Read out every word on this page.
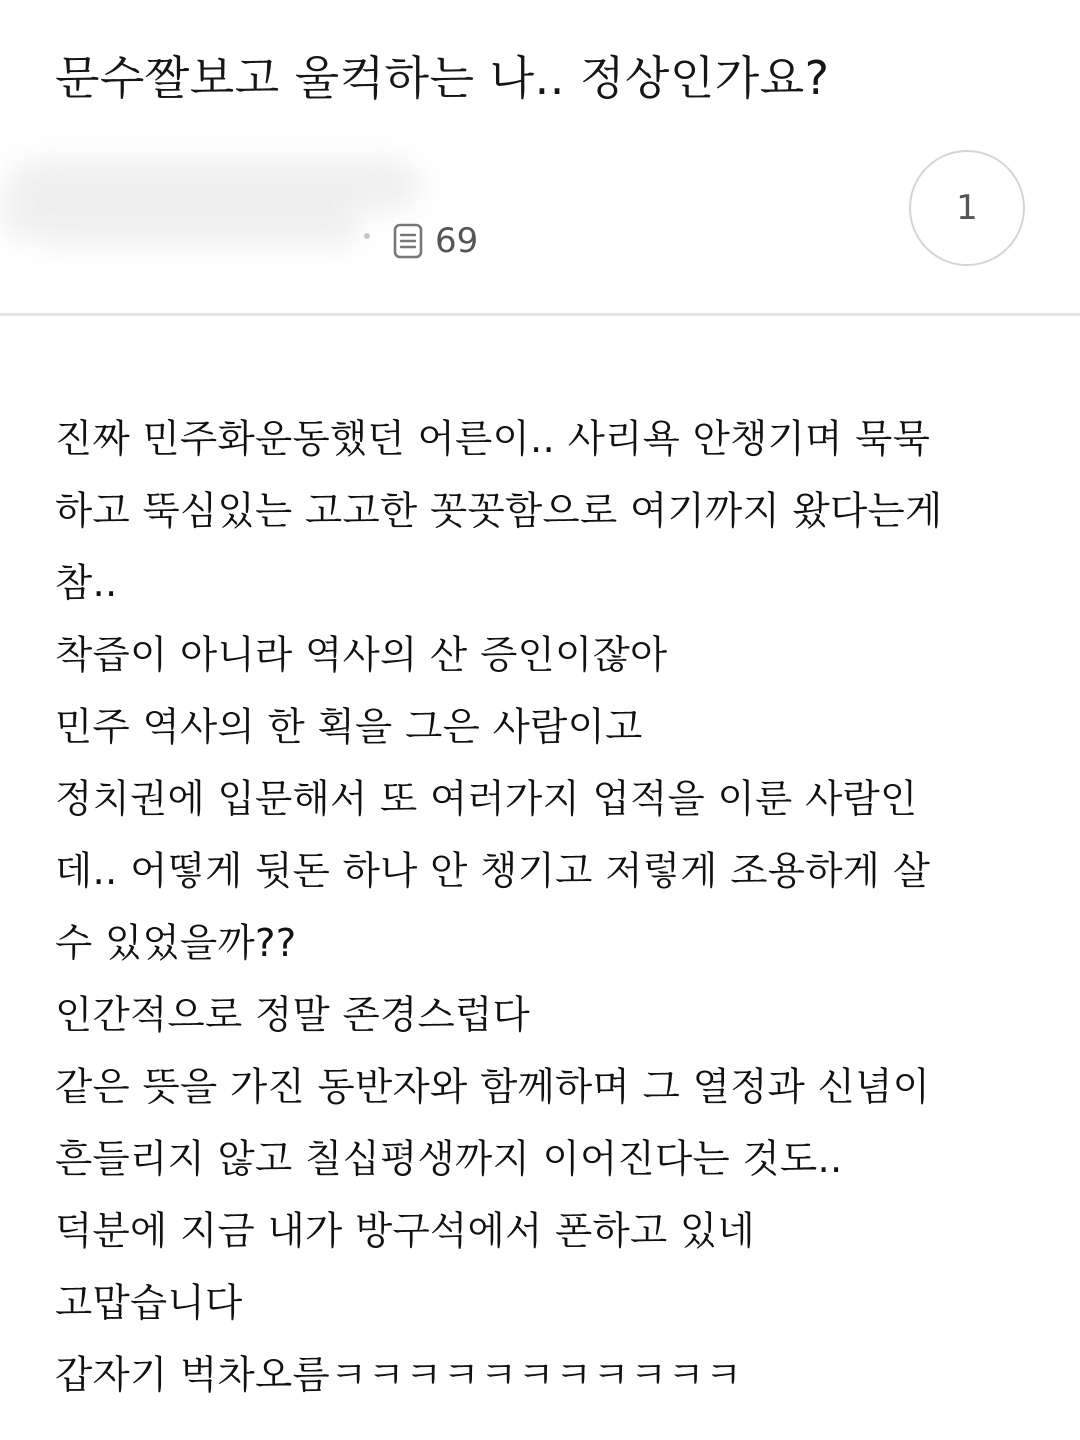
문수짤보고 울컥하는 나.. 정상인가요?
69
1
진짜 민주화운동했던 어른이.. 사리욕 안챙기며 묵묵
하고 뚝심있는 고고한 꼿꼿함으로 여기까지 왔다는게
참..
착즙이 아니라 역사의 산 증인이잖아
민주 역사의 한 획을 그은 사람이고
정치권에 입문해서 또 여러가지 업적을 이룬 사람인
데.. 어떻게 뒷돈 하나 안 챙기고 저렇게 조용하게 살
수 있었을까??
인간적으로 정말 존경스럽다
같은 뜻을 가진 동반자와 함께하며 그 열정과 신념이
흔들리지 않고 칠십평생까지 이어진다는 것도..
덕분에 지금 내가 방구석에서 폰하고 있네
고맙습니다
갑자기 벅차오름ㅋㅋㅋㅋㅋㅋㅋㅋㅋㅋㅋ
